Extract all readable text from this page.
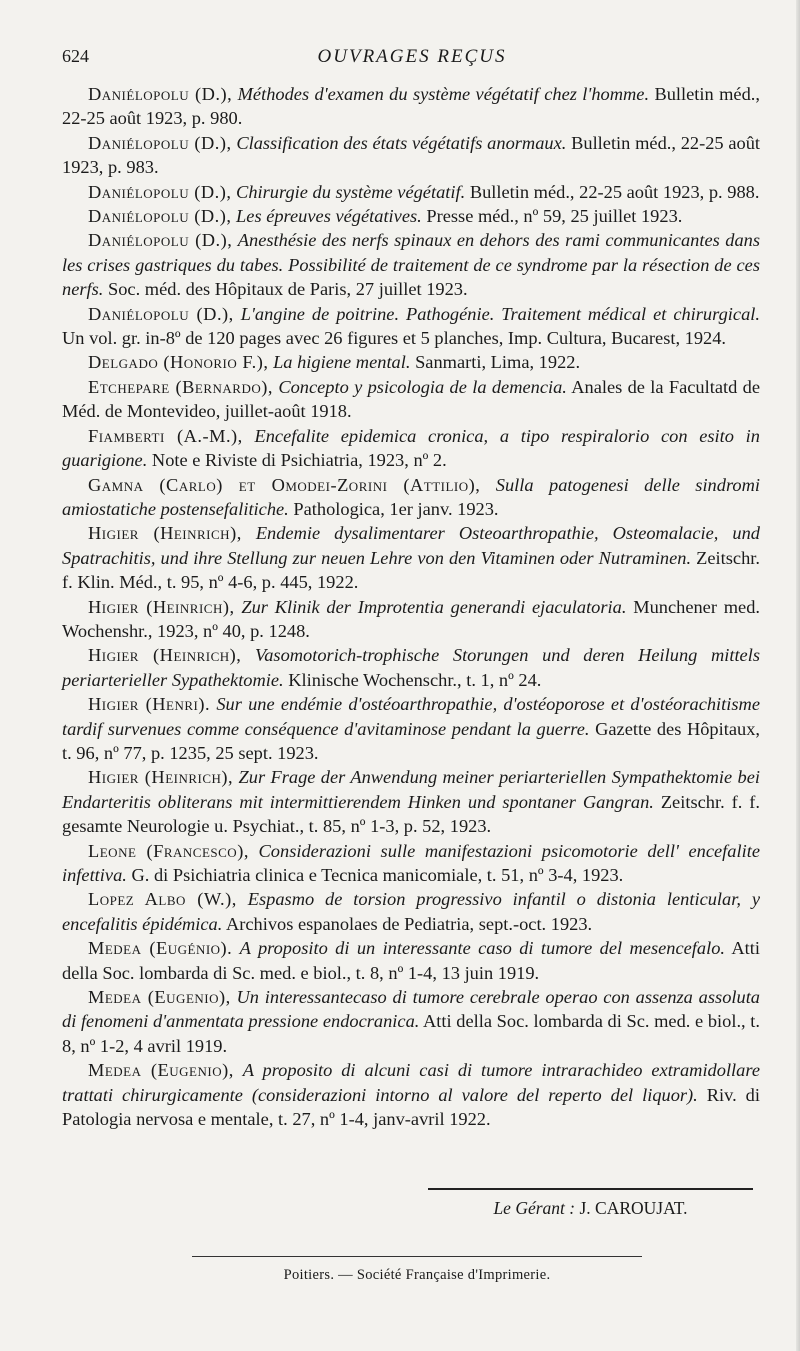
624	OUVRAGES REÇUS

Daniélopolu (D.), Méthodes d'examen du système végétatif chez l'homme. Bulletin méd., 22-25 août 1923, p. 980.

Daniélopolu (D.), Classification des états végétatifs anormaux. Bulletin méd., 22-25 août 1923, p. 983.

Daniélopolu (D.), Chirurgie du système végétatif. Bulletin méd., 22-25 août 1923, p. 988.

Daniélopolu (D.), Les épreuves végétatives. Presse méd., nº 59, 25 juillet 1923.

Daniélopolu (D.), Anesthésie des nerfs spinaux en dehors des rami communicantes dans les crises gastriques du tabes. Possibilité de traitement de ce syndrome par la résection de ces nerfs. Soc. méd. des Hôpitaux de Paris, 27 juillet 1923.

Daniélopolu (D.), L'angine de poitrine. Pathogénie. Traitement médical et chirurgical. Un vol. gr. in-8º de 120 pages avec 26 figures et 5 planches, Imp. Cultura, Bucarest, 1924.

Delgado (Honorio F.), La higiene mental. Sanmarti, Lima, 1922.

Etchepare (Bernardo), Concepto y psicologia de la demencia. Anales de la Facultatd de Méd. de Montevideo, juillet-août 1918.

Fiamberti (A.-M.), Encefalite epidemica cronica, a tipo respiralorio con esito in guarigione. Note e Riviste di Psichiatria, 1923, nº 2.

Gamna (Carlo) et Omodei-Zorini (Attilio), Sulla patogenesi delle sindromi amiostatiche postensefalitiche. Pathologica, 1er janv. 1923.

Higier (Heinrich), Endemie dysalimentarer Osteoarthropathie, Osteomalacie, und Spatrachitis, und ihre Stellung zur neuen Lehre von den Vitaminen oder Nutraminen. Zeitschr. f. Klin. Méd., t. 95, nº 4-6, p. 445, 1922.

Higier (Heinrich), Zur Klinik der Improtentia generandi ejaculatoria. Munchener med. Wochenshr., 1923, nº 40, p. 1248.

Higier (Heinrich), Vasomotorich-trophische Storungen und deren Heilung mittels periarterieller Sypathektomie. Klinische Wochenschr., t. 1, nº 24.

Higier (Henri). Sur une endémie d'ostéoarthropathie, d'ostéoporose et d'ostéorachitisme tardif survenues comme conséquence d'avitaminose pendant la guerre. Gazette des Hôpitaux, t. 96, nº 77, p. 1235, 25 sept. 1923.

Higier (Heinrich), Zur Frage der Anwendung meiner periarteriellen Sympathektomie bei Endarteritis obliterans mit intermittierendem Hinken und spontaner Gangran. Zeitschr. f. f. gesamte Neurologie u. Psychiat., t. 85, nº 1-3, p. 52, 1923.

Leone (Francesco), Considerazioni sulle manifestazioni psicomotorie dell' encefalite infettiva. G. di Psichiatria clinica e Tecnica manicomiale, t. 51, nº 3-4, 1923.

Lopez Albo (W.), Espasmo de torsion progressivo infantil o distonia lenticular, y encefalitis épidémica. Archivos espanolaes de Pediatria, sept.-oct. 1923.

Medea (Eugénio). A proposito di un interessante caso di tumore del mesencefalo. Atti della Soc. lombarda di Sc. med. e biol., t. 8, nº 1-4, 13 juin 1919.

Medea (Eugenio), Un interessantecaso di tumore cerebrale operao con assenza assoluta di fenomeni d'anmentata pressione endocranica. Atti della Soc. lombarda di Sc. med. e biol., t. 8, nº 1-2, 4 avril 1919.

Medea (Eugenio), A proposito di alcuni casi di tumore intrarachideo extramidollare trattati chirurgicamente (considerazioni intorno al valore del reperto del liquor). Riv. di Patologia nervosa e mentale, t. 27, nº 1-4, janv-avril 1922.

Le Gérant : J. CAROUJAT.
Poitiers. — Société Française d'Imprimerie.
